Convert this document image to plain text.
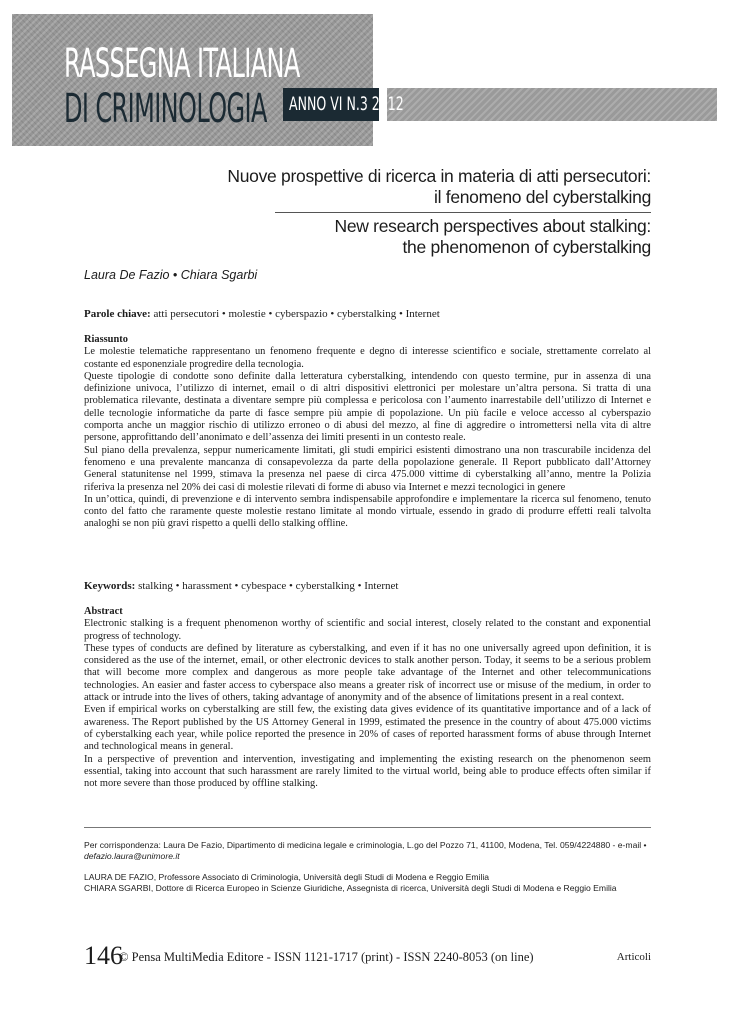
RASSEGNA ITALIANA
DI CRIMINOLOGIA ANNO VI N.3 2012
Nuove prospettive di ricerca in materia di atti persecutori:
il fenomeno del cyberstalking
New research perspectives about stalking:
the phenomenon of cyberstalking
Laura De Fazio • Chiara Sgarbi
Parole chiave: atti persecutori • molestie • cyberspazio • cyberstalking • Internet
Riassunto

Le molestie telematiche rappresentano un fenomeno frequente e degno di interesse scientifico e sociale, strettamente correlato al costante ed esponenziale progredire della tecnologia.

Queste tipologie di condotte sono definite dalla letteratura cyberstalking, intendendo con questo termine, pur in assenza di una definizione univoca, l’utilizzo di internet, email o di altri dispositivi elettronici per molestare un’altra persona. Si tratta di una problematica rilevante, destinata a diventare sempre più complessa e pericolosa con l’aumento inarrestabile dell’utilizzo di Internet e delle tecnologie informatiche da parte di fasce sempre più ampie di popolazione. Un più facile e veloce accesso al cyberspazio comporta anche un maggior rischio di utilizzo erroneo o di abusi del mezzo, al fine di aggredire o intromettersi nella vita di altre persone, approfittando dell’anonimato e dell’assenza dei limiti presenti in un contesto reale.

Sul piano della prevalenza, seppur numericamente limitati, gli studi empirici esistenti dimostrano una non trascurabile incidenza del fenomeno e una prevalente mancanza di consapevolezza da parte della popolazione generale. Il Report pubblicato dall’Attorney General statunitense nel 1999, stimava la presenza nel paese di circa 475.000 vittime di cyberstalking all’anno, mentre la Polizia riferiva la presenza nel 20% dei casi di molestie rilevati di forme di abuso via Internet e mezzi tecnologici in genere

In un’ottica, quindi, di prevenzione e di intervento sembra indispensabile approfondire e implementare la ricerca sul fenomeno, tenuto conto del fatto che raramente queste molestie restano limitate al mondo virtuale, essendo in grado di produrre effetti reali talvolta analoghi se non più gravi rispetto a quelli dello stalking offline.

Keywords: stalking • harassment • cybespace • cyberstalking • Internet
Abstract

Electronic stalking is a frequent phenomenon worthy of scientific and social interest, closely related to the constant and exponential progress of technology.

These types of conducts are defined by literature as cyberstalking, and even if it has no one universally agreed upon definition, it is considered as the use of the internet, email, or other electronic devices to stalk another person. Today, it seems to be a serious problem that will become more complex and dangerous as more people take advantage of the Internet and other telecommunications technologies. An easier and faster access to cyberspace also means a greater risk of incorrect use or misuse of the medium, in order to attack or intrude into the lives of others, taking advantage of anonymity and of the absence of limitations present in a real context.

Even if empirical works on cyberstalking are still few, the existing data gives evidence of its quantitative importance and of a lack of awareness. The Report published by the US Attorney General in 1999, estimated the presence in the country of about 475.000 victims of cyberstalking each year, while police reported the presence in 20% of cases of reported harassment forms of abuse through Internet and technological means in general.

In a perspective of prevention and intervention, investigating and implementing the existing research on the phenomenon seem essential, taking into account that such harassment are rarely limited to the virtual world, being able to produce effects often similar if not more severe than those produced by offline stalking.

Per corrispondenza: Laura De Fazio, Dipartimento di medicina legale e criminologia, L.go del Pozzo 71, 41100, Modena, Tel. 059/4224880 - e-mail • defazio.laura@unimore.it

LAURA DE FAZIO, Professore Associato di Criminologia, Università degli Studi di Modena e Reggio Emilia

CHIARA SGARBI, Dottore di Ricerca Europeo in Scienze Giuridiche, Assegnista di ricerca, Università degli Studi di Modena e Reggio Emilia

146
© Pensa MultiMedia Editore - ISSN 1121-1717 (print) - ISSN 2240-8053 (on line)	Articoli
